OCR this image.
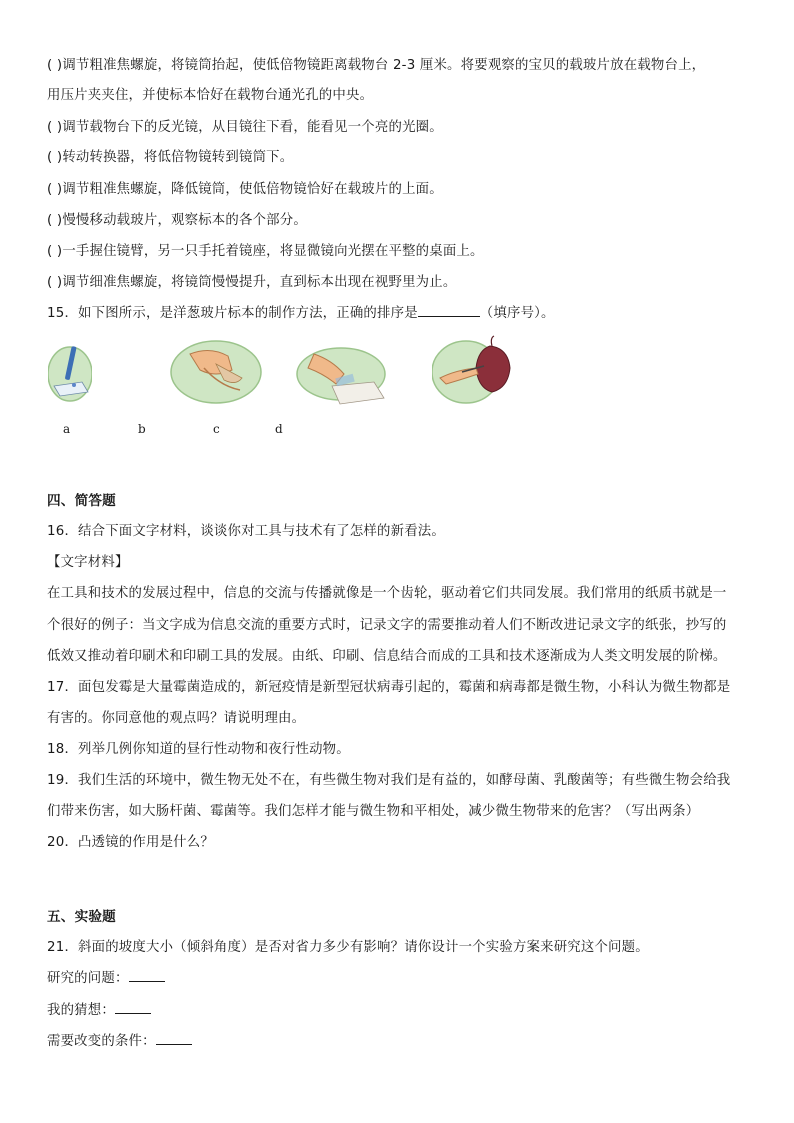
( )调节粗准焦螺旋，将镜筒抬起，使低倍物镜距离载物台 2-3 厘米。将要观察的宝贝的载玻片放在载物台上，
用压片夹夹住，并使标本恰好在载物台通光孔的中央。
( )调节载物台下的反光镜，从目镜往下看，能看见一个亮的光圈。
( )转动转换器，将低倍物镜转到镜筒下。
( )调节粗准焦螺旋，降低镜筒，使低倍物镜恰好在载玻片的上面。
( )慢慢移动载玻片，观察标本的各个部分。
( )一手握住镜臂，另一只手托着镜座，将显微镜向光摆在平整的桌面上。
( )调节细准焦螺旋，将镜筒慢慢提升，直到标本出现在视野里为止。
15．如下图所示，是洋葱玻片标本的制作方法，正确的排序是	（填序号）。
a	b	c	d
四、简答题
16．结合下面文字材料，谈谈你对工具与技术有了怎样的新看法。
【文字材料】
在工具和技术的发展过程中，信息的交流与传播就像是一个齿轮，驱动着它们共同发展。我们常用的纸质书就是一
个很好的例子：当文字成为信息交流的重要方式时，记录文字的需要推动着人们不断改进记录文字的纸张，抄写的
低效又推动着印刷术和印刷工具的发展。由纸、印刷、信息结合而成的工具和技术逐渐成为人类文明发展的阶梯。
17．面包发霉是大量霉菌造成的，新冠疫情是新型冠状病毒引起的，霉菌和病毒都是微生物，小科认为微生物都是
有害的。你同意他的观点吗？请说明理由。
18．列举几例你知道的昼行性动物和夜行性动物。
19．我们生活的环境中，微生物无处不在，有些微生物对我们是有益的，如酵母菌、乳酸菌等；有些微生物会给我
们带来伤害，如大肠杆菌、霉菌等。我们怎样才能与微生物和平相处，减少微生物带来的危害？（写出两条）
20．凸透镜的作用是什么？
五、实验题
21．斜面的坡度大小（倾斜角度）是否对省力多少有影响？请你设计一个实验方案来研究这个问题。
研究的问题：
我的猜想：
需要改变的条件：
